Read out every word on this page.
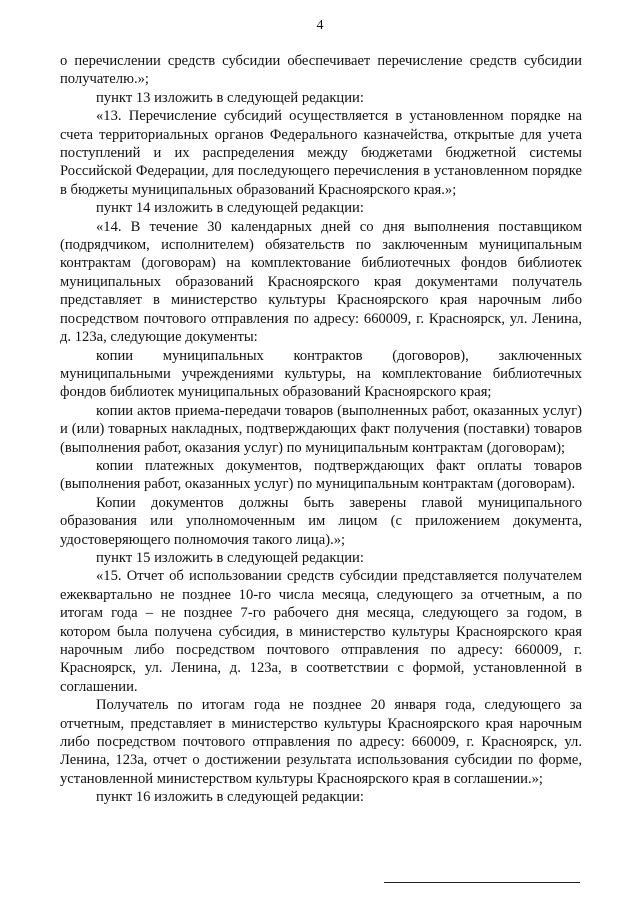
4

о перечислении средств субсидии обеспечивает перечисление средств субсидии получателю.»;

пункт 13 изложить в следующей редакции:

«13. Перечисление субсидий осуществляется в установленном порядке на счета территориальных органов Федерального казначейства, открытые для учета поступлений и их распределения между бюджетами бюджетной системы Российской Федерации, для последующего перечисления в установленном порядке в бюджеты муниципальных образований Красноярского края.»;

пункт 14 изложить в следующей редакции:

«14. В течение 30 календарных дней со дня выполнения поставщиком (подрядчиком, исполнителем) обязательств по заключенным муниципальным контрактам (договорам) на комплектование библиотечных фондов библиотек муниципальных образований Красноярского края документами получатель представляет в министерство культуры Красноярского края нарочным либо посредством почтового отправления по адресу: 660009, г. Красноярск, ул. Ленина, д. 123а, следующие документы:

копии муниципальных контрактов (договоров), заключенных муниципальными учреждениями культуры, на комплектование библиотечных фондов библиотек муниципальных образований Красноярского края;

копии актов приема-передачи товаров (выполненных работ, оказанных услуг) и (или) товарных накладных, подтверждающих факт получения (поставки) товаров (выполнения работ, оказания услуг) по муниципальным контрактам (договорам);

копии платежных документов, подтверждающих факт оплаты товаров (выполнения работ, оказанных услуг) по муниципальным контрактам (договорам).

Копии документов должны быть заверены главой муниципального образования или уполномоченным им лицом (с приложением документа, удостоверяющего полномочия такого лица).»;

пункт 15 изложить в следующей редакции:

«15. Отчет об использовании средств субсидии представляется получателем ежеквартально не позднее 10-го числа месяца, следующего за отчетным, а по итогам года – не позднее 7-го рабочего дня месяца, следующего за годом, в котором была получена субсидия, в министерство культуры Красноярского края нарочным либо посредством почтового отправления по адресу: 660009, г. Красноярск, ул. Ленина, д. 123а, в соответствии с формой, установленной в соглашении.

Получатель по итогам года не позднее 20 января года, следующего за отчетным, представляет в министерство культуры Красноярского края нарочным либо посредством почтового отправления по адресу: 660009, г. Красноярск, ул. Ленина, 123а, отчет о достижении результата использования субсидии по форме, установленной министерством культуры Красноярского края в соглашении.»;

пункт 16 изложить в следующей редакции:
